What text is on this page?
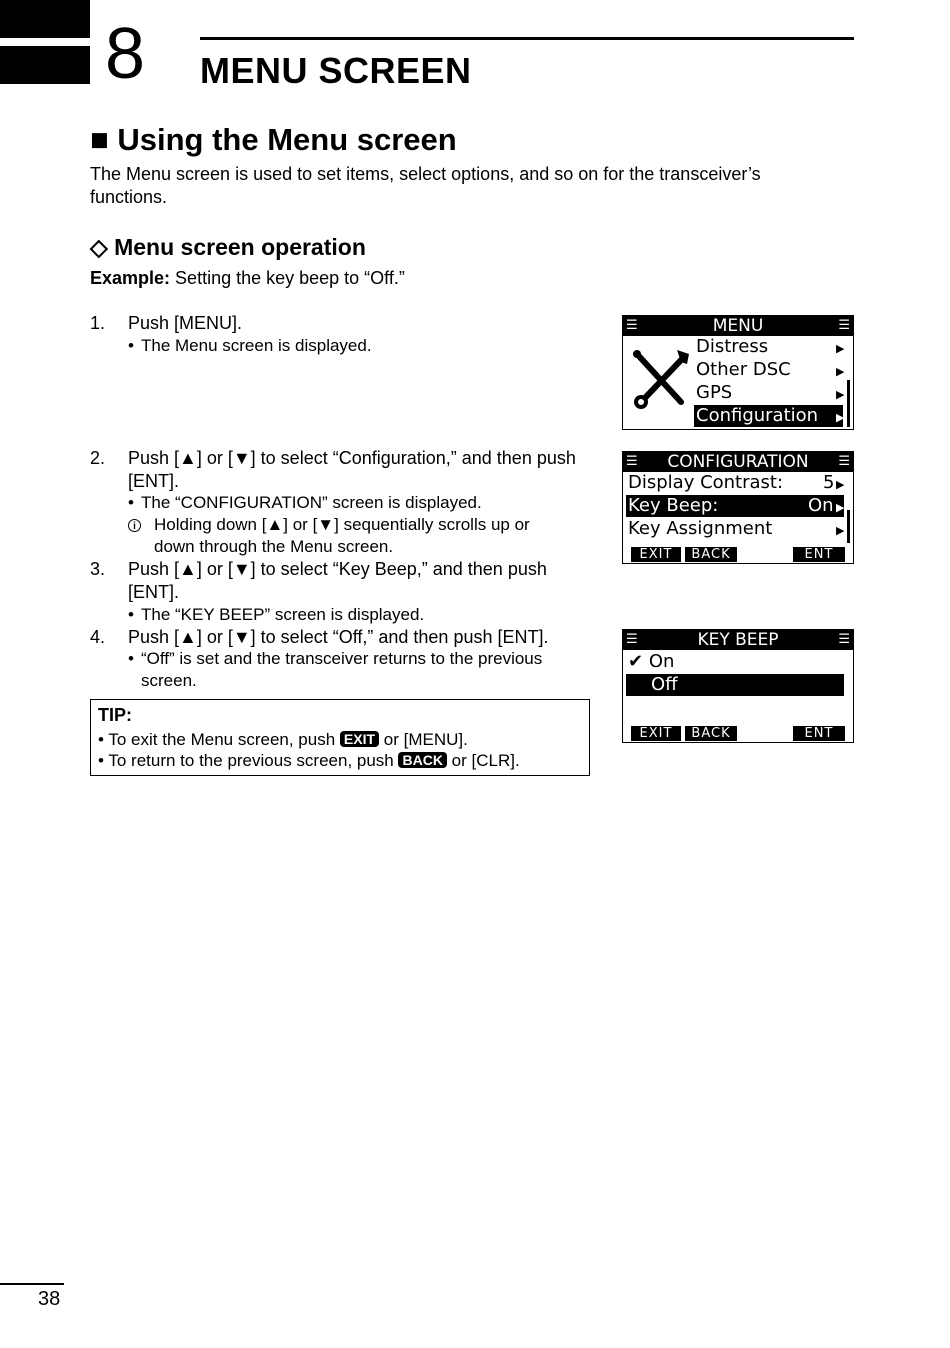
8 MENU SCREEN
■ Using the Menu screen
The Menu screen is used to set items, select options, and so on for the transceiver’s functions.
◇ Menu screen operation
Example: Setting the key beep to “Off.”
1. Push [MENU].
• The Menu screen is displayed.
2. Push [▲] or [▼] to select “Configuration,” and then push [ENT].
• The “CONFIGURATION” screen is displayed.
i	Holding down [▲] or [▼] sequentially scrolls up or down through the Menu screen.
3. Push [▲] or [▼] to select “Key Beep,” and then push [ENT].
• The “KEY BEEP” screen is displayed.
4. Push [▲] or [▼] to select “Off,” and then push [ENT].
• “Off” is set and the transceiver returns to the previous screen.
TIP:
• To exit the Menu screen, push EXIT or [MENU].
• To return to the previous screen, push BACK or [CLR].
☰	MENU	☰
Distress	▶
Other DSC	▶
GPS	▶
Configuration	▶
☰ CONFIGURATION ☰
Display Contrast: 5 ▶
Key Beep:	On ▶
Key Assignment	▶
EXIT	BACK	ENT
☰	KEY BEEP	☰
✔ On
Off
EXIT	BACK	ENT
38
